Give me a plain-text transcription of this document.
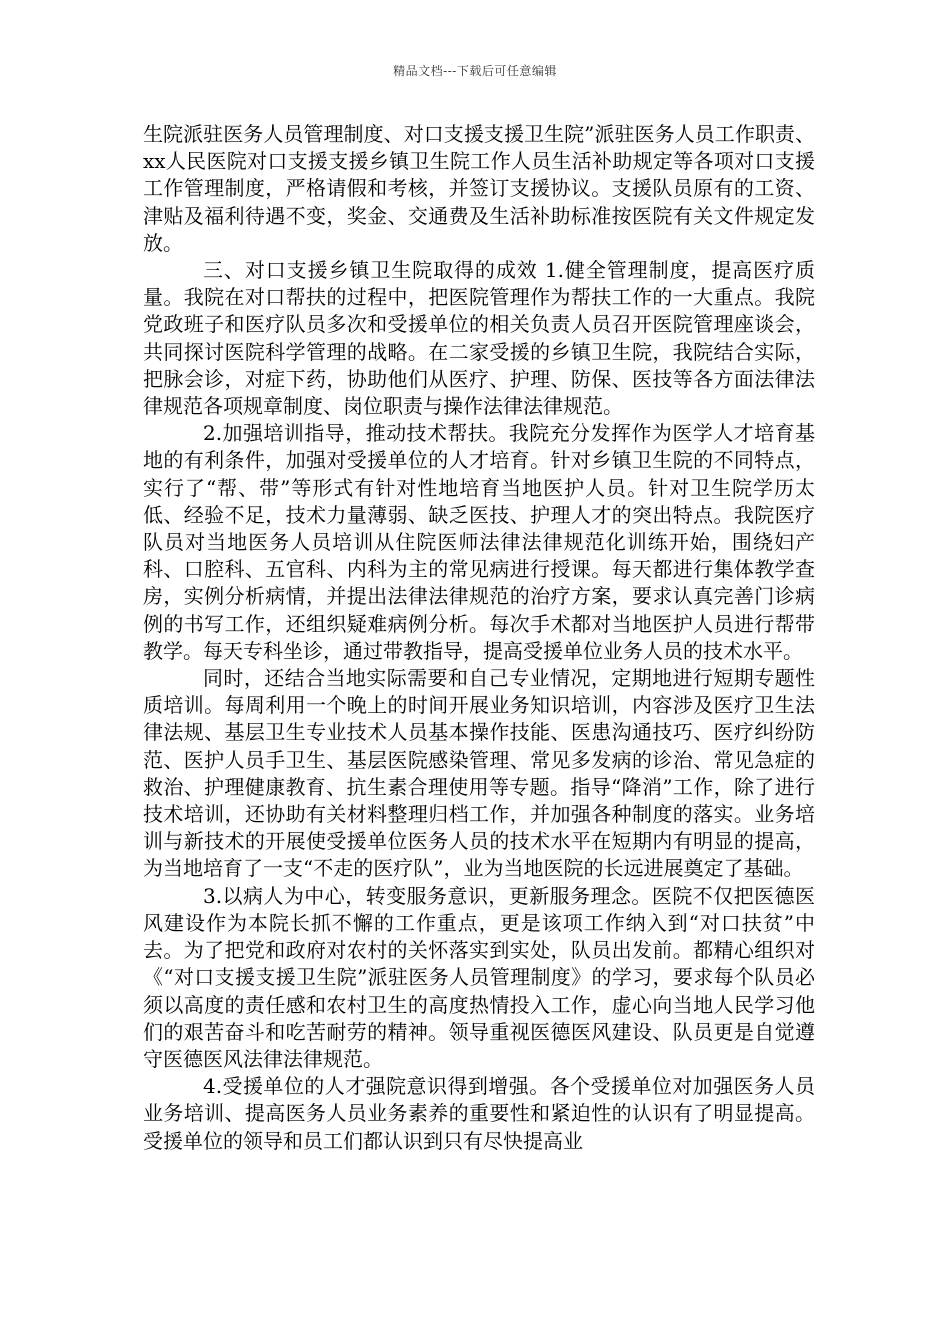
精品文档---下载后可任意编辑

生院派驻医务人员管理制度、对口支援支援卫生院”派驻医务人员工作职责、xx人民医院对口支援支援乡镇卫生院工作人员生活补助规定等各项对口支援工作管理制度，严格请假和考核，并签订支援协议。支援队员原有的工资、津贴及福利待遇不变，奖金、交通费及生活补助标准按医院有关文件规定发放。

三、对口支援乡镇卫生院取得的成效 1.健全管理制度，提高医疗质量。我院在对口帮扶的过程中，把医院管理作为帮扶工作的一大重点。我院党政班子和医疗队员多次和受援单位的相关负责人员召开医院管理座谈会，共同探讨医院科学管理的战略。在二家受援的乡镇卫生院，我院结合实际，把脉会诊，对症下药，协助他们从医疗、护理、防保、医技等各方面法律法律规范各项规章制度、岗位职责与操作法律法律规范。

2.加强培训指导，推动技术帮扶。我院充分发挥作为医学人才培育基地的有利条件，加强对受援单位的人才培育。针对乡镇卫生院的不同特点，实行了“帮、带”等形式有针对性地培育当地医护人员。针对卫生院学历太低、经验不足，技术力量薄弱、缺乏医技、护理人才的突出特点。我院医疗队员对当地医务人员培训从住院医师法律法律规范化训练开始，围绕妇产科、口腔科、五官科、内科为主的常见病进行授课。每天都进行集体教学查房，实例分析病情，并提出法律法律规范的治疗方案，要求认真完善门诊病例的书写工作，还组织疑难病例分析。每次手术都对当地医护人员进行帮带教学。每天专科坐诊，通过带教指导，提高受援单位业务人员的技术水平。

同时，还结合当地实际需要和自己专业情况，定期地进行短期专题性质培训。每周利用一个晚上的时间开展业务知识培训，内容涉及医疗卫生法律法规、基层卫生专业技术人员基本操作技能、医患沟通技巧、医疗纠纷防范、医护人员手卫生、基层医院感染管理、常见多发病的诊治、常见急症的救治、护理健康教育、抗生素合理使用等专题。指导“降消”工作，除了进行技术培训，还协助有关材料整理归档工作，并加强各种制度的落实。业务培训与新技术的开展使受援单位医务人员的技术水平在短期内有明显的提高，为当地培育了一支“不走的医疗队”，业为当地医院的长远进展奠定了基础。

3.以病人为中心，转变服务意识，更新服务理念。医院不仅把医德医风建设作为本院长抓不懈的工作重点，更是该项工作纳入到“对口扶贫”中去。为了把党和政府对农村的关怀落实到实处，队员出发前。都精心组织对《“对口支援支援卫生院”派驻医务人员管理制度》的学习，要求每个队员必须以高度的责任感和农村卫生的高度热情投入工作，虚心向当地人民学习他们的艰苦奋斗和吃苦耐劳的精神。领导重视医德医风建设、队员更是自觉遵守医德医风法律法律规范。

4.受援单位的人才强院意识得到增强。各个受援单位对加强医务人员业务培训、提高医务人员业务素养的重要性和紧迫性的认识有了明显提高。受援单位的领导和员工们都认识到只有尽快提高业
